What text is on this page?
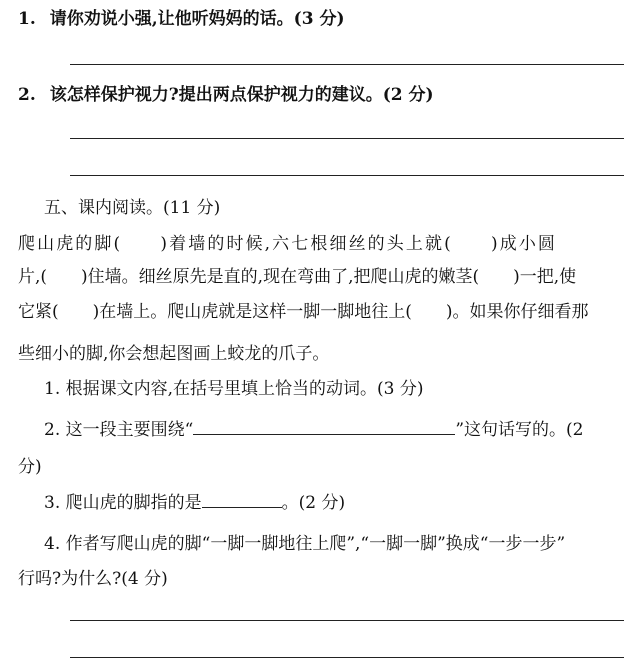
1. 请你劝说小强,让他听妈妈的话。(3 分)
2. 该怎样保护视力?提出两点保护视力的建议。(2 分)
五、课内阅读。(11 分)
爬山虎的脚(　　)着墙的时候,六七根细丝的头上就(　　)成小圆
片,(　　)住墙。细丝原先是直的,现在弯曲了,把爬山虎的嫩茎(　　)一把,使
它紧(　　)在墙上。爬山虎就是这样一脚一脚地往上(　　)。如果你仔细看那
些细小的脚,你会想起图画上蛟龙的爪子。
1. 根据课文内容,在括号里填上恰当的动词。(3 分)
2. 这一段主要围绕“	”这句话写的。(2
分)
3. 爬山虎的脚指的是	。(2 分)
4. 作者写爬山虎的脚“一脚一脚地往上爬”,“一脚一脚”换成“一步一步”
行吗?为什么?(4 分)
